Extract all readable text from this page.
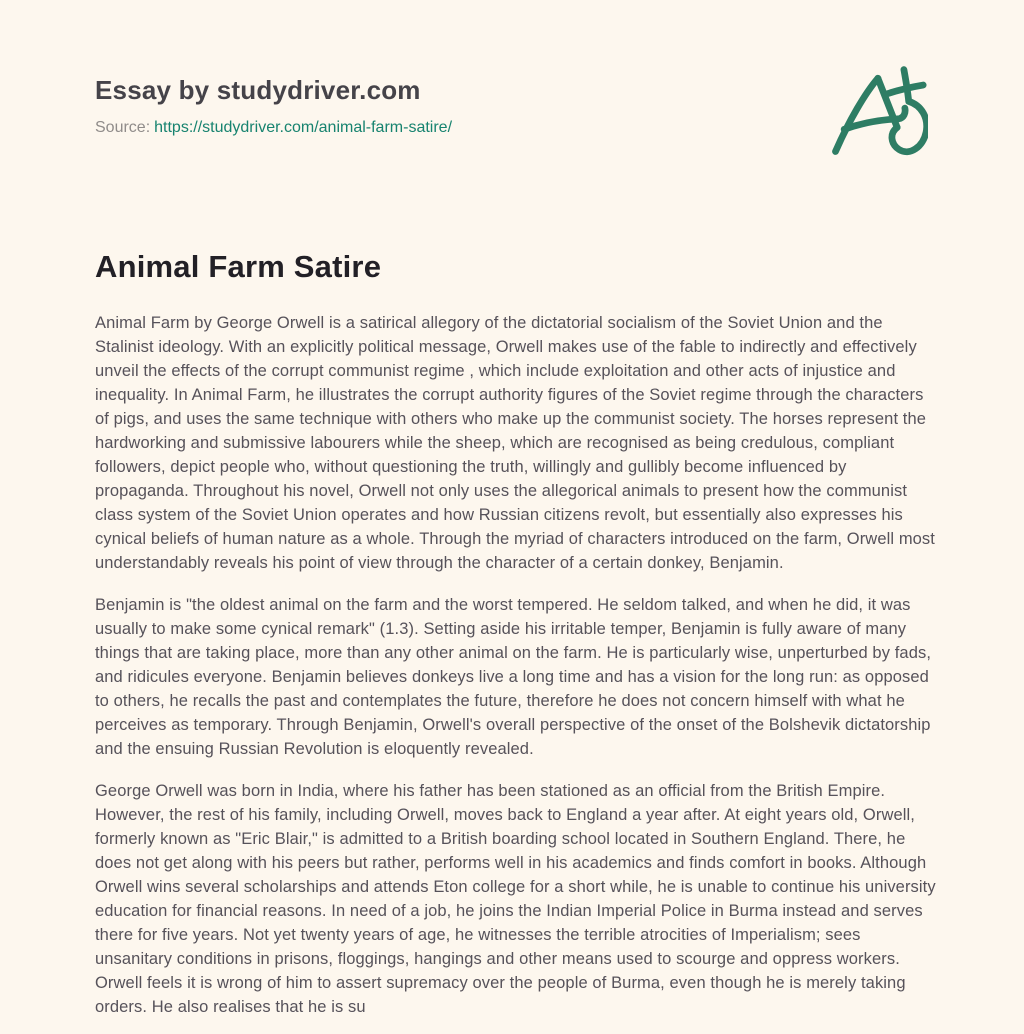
Essay by studydriver.com
Source: https://studydriver.com/animal-farm-satire/
Animal Farm Satire

Animal Farm by George Orwell is a satirical allegory of the dictatorial socialism of the Soviet Union and the Stalinist ideology. With an explicitly political message, Orwell makes use of the fable to indirectly and effectively unveil the effects of the corrupt communist regime , which include exploitation and other acts of injustice and inequality. In Animal Farm, he illustrates the corrupt authority figures of the Soviet regime through the characters of pigs, and uses the same technique with others who make up the communist society. The horses represent the hardworking and submissive labourers while the sheep, which are recognised as being credulous, compliant followers, depict people who, without questioning the truth, willingly and gullibly become influenced by propaganda. Throughout his novel, Orwell not only uses the allegorical animals to present how the communist class system of the Soviet Union operates and how Russian citizens revolt, but essentially also expresses his cynical beliefs of human nature as a whole. Through the myriad of characters introduced on the farm, Orwell most understandably reveals his point of view through the character of a certain donkey, Benjamin.

Benjamin is "the oldest animal on the farm and the worst tempered. He seldom talked, and when he did, it was usually to make some cynical remark" (1.3). Setting aside his irritable temper, Benjamin is fully aware of many things that are taking place, more than any other animal on the farm. He is particularly wise, unperturbed by fads, and ridicules everyone. Benjamin believes donkeys live a long time and has a vision for the long run: as opposed to others, he recalls the past and contemplates the future, therefore he does not concern himself with what he perceives as temporary. Through Benjamin, Orwell's overall perspective of the onset of the Bolshevik dictatorship and the ensuing Russian Revolution is eloquently revealed.

George Orwell was born in India, where his father has been stationed as an official from the British Empire. However, the rest of his family, including Orwell, moves back to England a year after. At eight years old, Orwell, formerly known as "Eric Blair," is admitted to a British boarding school located in Southern England. There, he does not get along with his peers but rather, performs well in his academics and finds comfort in books. Although Orwell wins several scholarships and attends Eton college for a short while, he is unable to continue his university education for financial reasons. In need of a job, he joins the Indian Imperial Police in Burma instead and serves there for five years. Not yet twenty years of age, he witnesses the terrible atrocities of Imperialism; sees unsanitary conditions in prisons, floggings, hangings and other means used to scourge and oppress workers. Orwell feels it is wrong of him to assert supremacy over the people of Burma, even though he is merely taking orders. He also realises that he is su
